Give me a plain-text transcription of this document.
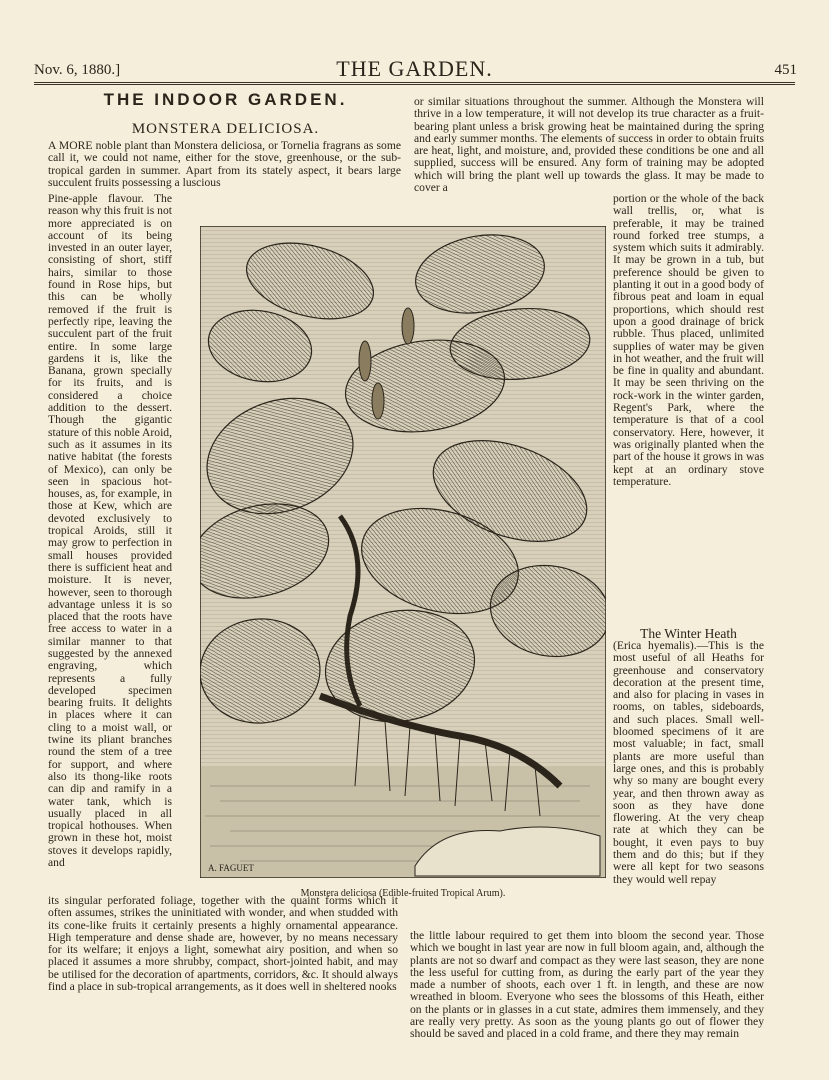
Nov. 6, 1880.]	THE GARDEN.	451
THE INDOOR GARDEN.
MONSTERA DELICIOSA.

A MORE noble plant than Monstera deliciosa, or Tornelia fragrans as some call it, we could not name, either for the stove, greenhouse, or the sub-tropical garden in summer. Apart from its stately aspect, it bears large succulent fruits possessing a luscious

Pine-apple flavour. The reason why this fruit is not more appreciated is on account of its being invested in an outer layer, consisting of short, stiff hairs, similar to those found in Rose hips, but this can be wholly removed if the fruit is perfectly ripe, leaving the succulent part of the fruit entire. In some large gardens it is, like the Banana, grown specially for its fruits, and is considered a choice addition to the dessert. Though the gigantic stature of this noble Aroid, such as it assumes in its native habitat (the forests of Mexico), can only be seen in spacious hot-houses, as, for example, in those at Kew, which are devoted exclusively to tropical Aroids, still it may grow to perfection in small houses provided there is sufficient heat and moisture. It is never, however, seen to thorough advantage unless it is so placed that the roots have free access to water in a similar manner to that suggested by the annexed engraving, which represents a fully developed specimen bearing fruits. It delights in places where it can cling to a moist wall, or twine its pliant branches round the stem of a tree for support, and where also its thong-like roots can dip and ramify in a water tank, which is usually placed in all tropical hothouses. When grown in these hot, moist stoves it develops rapidly, and

or similar situations throughout the summer. Although the Monstera will thrive in a low temperature, it will not develop its true character as a fruit-bearing plant unless a brisk growing heat be maintained during the spring and early summer months. The elements of success in order to obtain fruits are heat, light, and moisture, and, provided these conditions be one and all supplied, success will be ensured. Any form of training may be adopted which will bring the plant well up towards the glass. It may be made to cover a

portion or the whole of the back wall trellis, or, what is preferable, it may be trained round forked tree stumps, a system which suits it admirably. It may be grown in a tub, but preference should be given to planting it out in a good body of fibrous peat and loam in equal proportions, which should rest upon a good drainage of brick rubble. Thus placed, unlimited supplies of water may be given in hot weather, and the fruit will be fine in quality and abundant. It may be seen thriving on the rock-work in the winter garden, Regent's Park, where the temperature is that of a cool conservatory. Here, however, it was originally planted when the part of the house it grows in was kept at an ordinary stove temperature.

The Winter Heath

(Erica hyemalis).—This is the most useful of all Heaths for greenhouse and conservatory decoration at the present time, and also for placing in vases in rooms, on tables, sideboards, and such places. Small well-bloomed specimens of it are most valuable; in fact, small plants are more useful than large ones, and this is probably why so many are bought every year, and then thrown away as soon as they have done flowering. At the very cheap rate at which they can be bought, it even pays to buy them and do this; but if they were all kept for two seasons they would well repay

its singular perforated foliage, together with the quaint forms which it often assumes, strikes the uninitiated with wonder, and when studded with its cone-like fruits it certainly presents a highly ornamental appearance. High temperature and dense shade are, however, by no means necessary for its welfare; it enjoys a light, somewhat airy position, and when so placed it assumes a more shrubby, compact, short-jointed habit, and may be utilised for the decoration of apartments, corridors, &c. It should always find a place in sub-tropical arrangements, as it does well in sheltered nooks

the little labour required to get them into bloom the second year. Those which we bought in last year are now in full bloom again, and, although the plants are not so dwarf and compact as they were last season, they are none the less useful for cutting from, as during the early part of the year they made a number of shoots, each over 1 ft. in length, and these are now wreathed in bloom. Everyone who sees the blossoms of this Heath, either on the plants or in glasses in a cut state, admires them immensely, and they are really very pretty. As soon as the young plants go out of flower they should be saved and placed in a cold frame, and there they may remain

A. FAGUET
Monstera deliciosa (Edible-fruited Tropical Arum).
